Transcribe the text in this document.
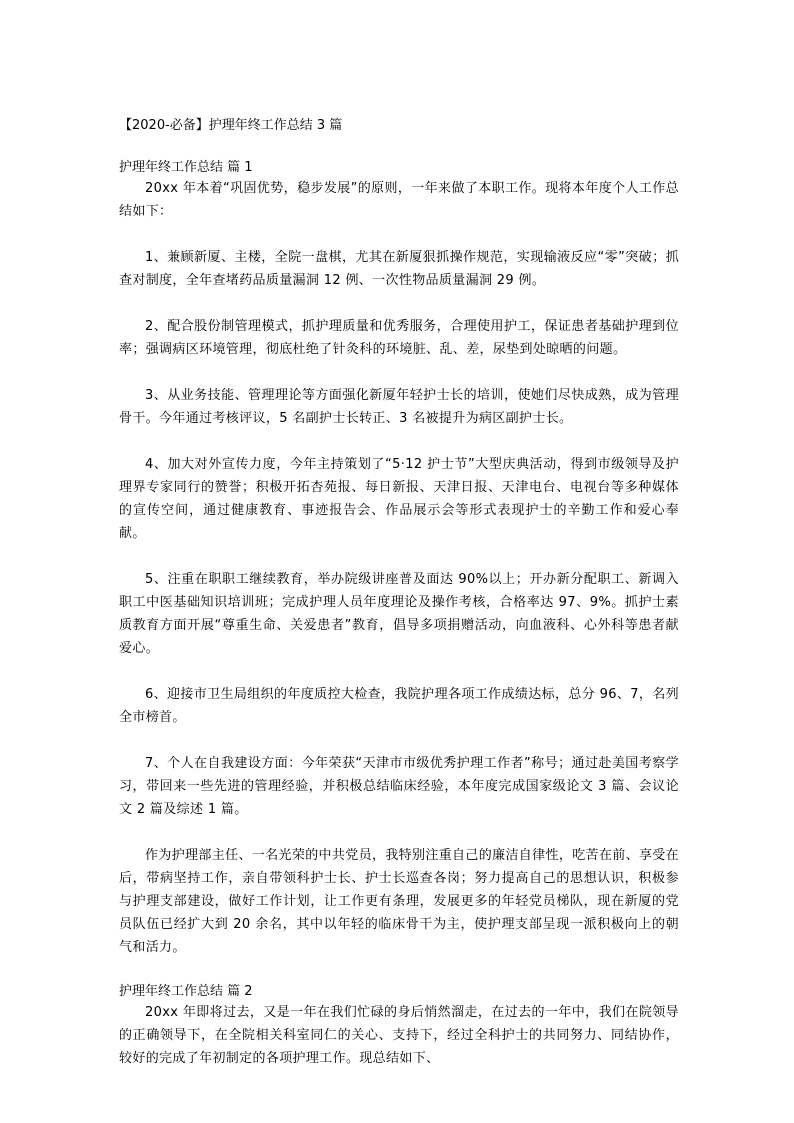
【2020-必备】护理年终工作总结 3 篇

护理年终工作总结 篇 1

20xx 年本着“巩固优势，稳步发展”的原则，一年来做了本职工作。现将本年度个人工作总结如下：

1、兼顾新厦、主楼，全院一盘棋，尤其在新厦狠抓操作规范，实现输液反应“零”突破；抓查对制度，全年查堵药品质量漏洞 12 例、一次性物品质量漏洞 29 例。

2、配合股份制管理模式，抓护理质量和优秀服务，合理使用护工，保证患者基础护理到位率；强调病区环境管理，彻底杜绝了针灸科的环境脏、乱、差，尿垫到处晾晒的问题。

3、从业务技能、管理理论等方面强化新厦年轻护士长的培训，使她们尽快成熟，成为管理骨干。今年通过考核评议，5 名副护士长转正、3 名被提升为病区副护士长。

4、加大对外宣传力度，今年主持策划了“5·12 护士节”大型庆典活动，得到市级领导及护理界专家同行的赞誉；积极开拓杏苑报、每日新报、天津日报、天津电台、电视台等多种媒体的宣传空间，通过健康教育、事迹报告会、作品展示会等形式表现护士的辛勤工作和爱心奉献。

5、注重在职职工继续教育，举办院级讲座普及面达 90%以上；开办新分配职工、新调入职工中医基础知识培训班；完成护理人员年度理论及操作考核，合格率达 97、9%。抓护士素质教育方面开展“尊重生命、关爱患者”教育，倡导多项捐赠活动，向血液科、心外科等患者献爱心。

6、迎接市卫生局组织的年度质控大检查，我院护理各项工作成绩达标，总分 96、7，名列全市榜首。

7、个人在自我建设方面：今年荣获“天津市市级优秀护理工作者”称号；通过赴美国考察学习，带回来一些先进的管理经验，并积极总结临床经验，本年度完成国家级论文 3 篇、会议论文 2 篇及综述 1 篇。

作为护理部主任、一名光荣的中共党员，我特别注重自己的廉洁自律性，吃苦在前、享受在后，带病坚持工作，亲自带领科护士长、护士长巡查各岗；努力提高自己的思想认识，积极参与护理支部建设，做好工作计划，让工作更有条理，发展更多的年轻党员梯队，现在新厦的党员队伍已经扩大到 20 余名，其中以年轻的临床骨干为主，使护理支部呈现一派积极向上的朝气和活力。

护理年终工作总结 篇 2

20xx 年即将过去，又是一年在我们忙碌的身后悄然溜走，在过去的一年中，我们在院领导的正确领导下，在全院相关科室同仁的关心、支持下，经过全科护士的共同努力、同结协作，较好的完成了年初制定的各项护理工作。现总结如下、
